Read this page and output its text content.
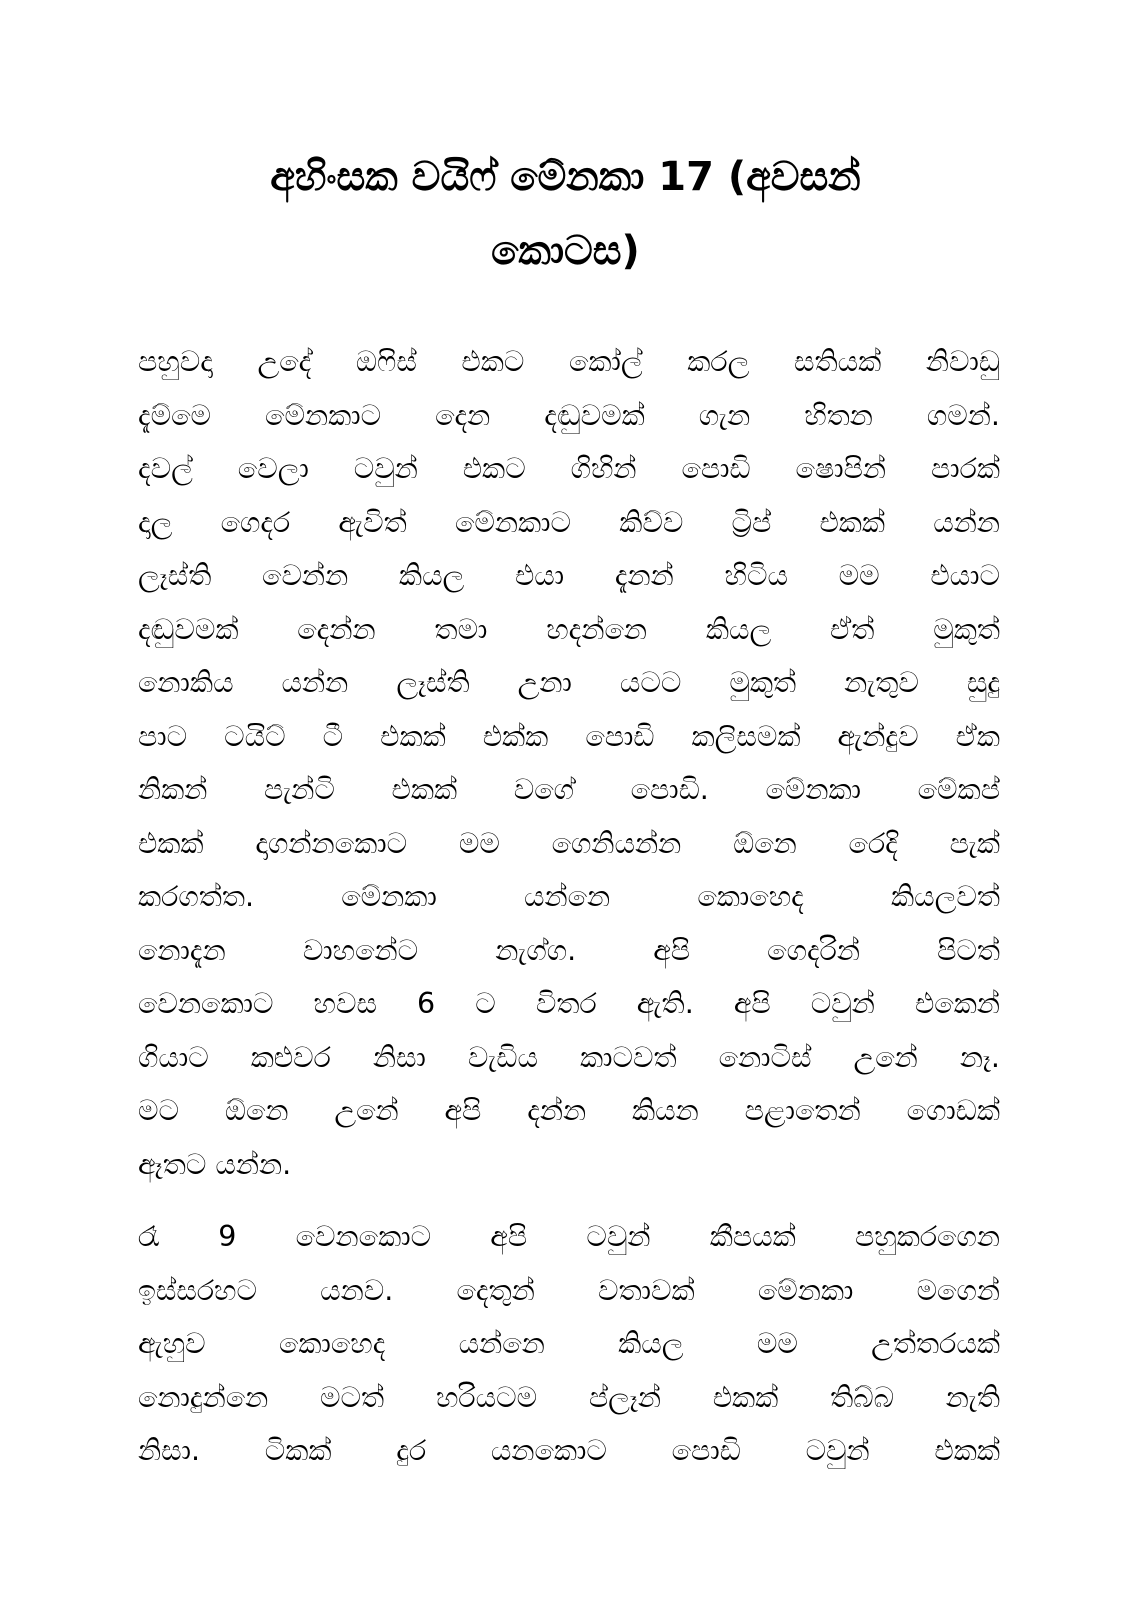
අහිංසක වයිෆ් මේනකා 17 (අවසන්
කොටස)

පහුවදා උදේ ඔෆිස් එකට කෝල් කරල සතියක් නිවාඩු
දැම්මෙ මේනකාට දෙන දඬුවමක් ගැන හිතන ගමන්.
දවල් වෙලා ටවුන් එකට ගිහින් පොඩි ෂොපින් පාරක්
දාල ගෙදර ඇවිත් මේනකාට කිව්ව ට්‍රිප් එකක් යන්න
ලෑස්ති වෙන්න කියල එයා දැනන් හිටිය මම එයාට
දඬුවමක් දෙන්න තමා හදන්නෙ කියල ඒත් මුකුත්
නොකිය යන්න ලෑස්ති උනා යටට මුකුත් නැතුව සුදු
පාට ටයිට් ටී එකක් එක්ක පොඩි කලිසමක් ඇන්දුව ඒක
නිකන් පැන්ටි එකක් වගේ පොඩි. මේනකා මේකප්
එකක් දාගන්නකොට මම ගෙනියන්න ඕනෙ රෙදි පැක්
කරගත්ත. මේනකා යන්නෙ කොහෙද කියලවත්
නොදැන වාහනේට නැග්ග. අපි ගෙදරින් පිටත්
වෙනකොට හවස 6 ට විතර ඇති. අපි ටවුන් එකෙන්
ගියාට කළුවර නිසා වැඩිය කාටවත් නොටිස් උනේ නෑ.
මට ඕනෙ උනේ අපි දන්න කියන පළාතෙන් ගොඩක්
ඈතට යන්න.

රෑ 9 වෙනකොට අපි ටවුන් කීපයක් පහුකරගෙන
ඉස්සරහට යනව. දෙතුන් වතාවක් මේනකා මගෙන්
ඇහුව කොහෙද යන්නෙ කියල මම උත්තරයක්
නොදුන්නෙ මටත් හරියටම ප්ලෑන් එකක් තිබ්බ නැති
නිසා. ටිකක් දුර යනකොට පොඩි ටවුන් එකක්
